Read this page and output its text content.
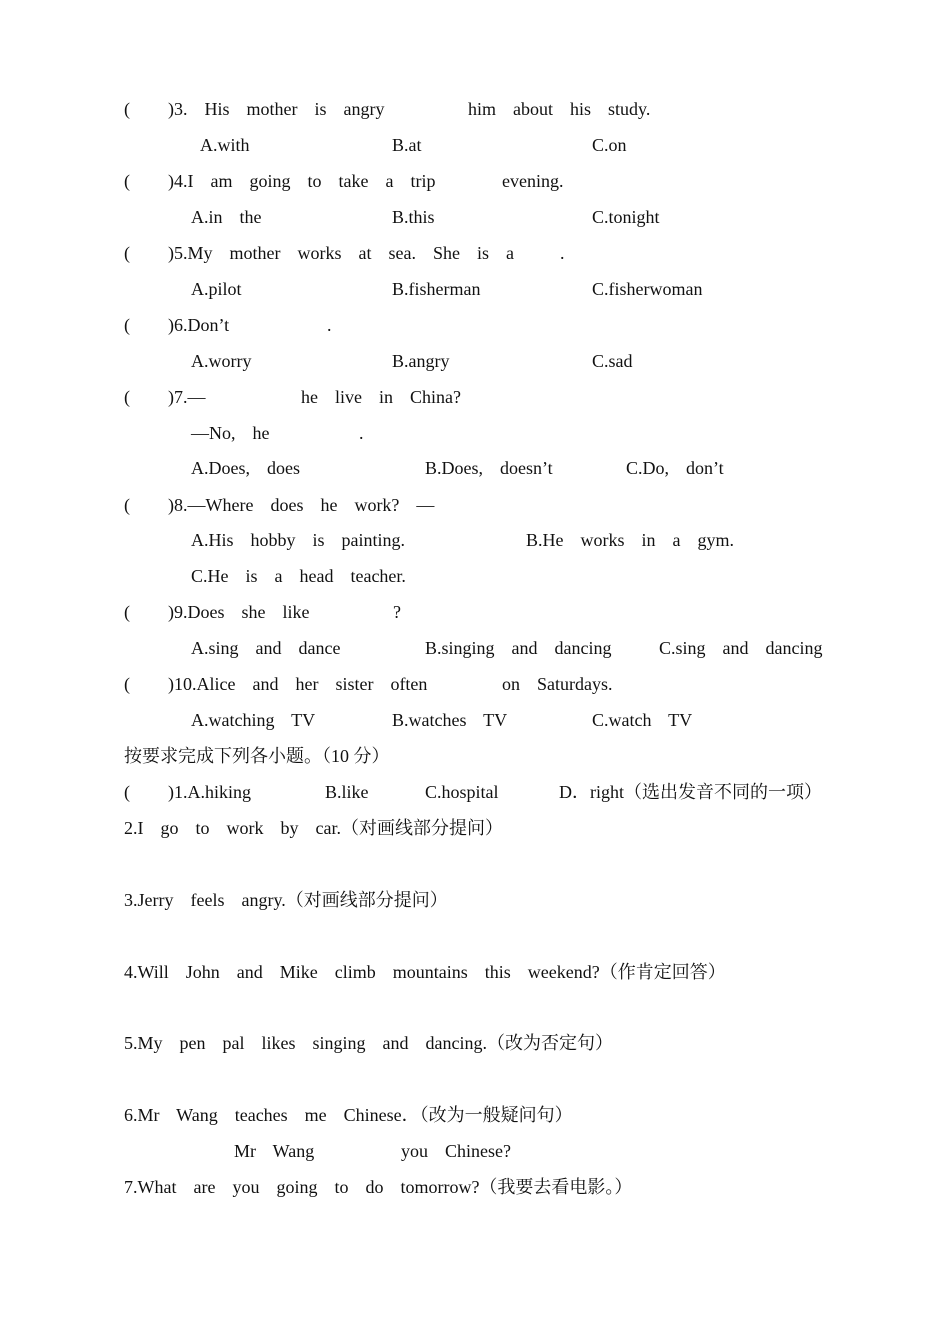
( )3.  His  mother  is  angry	him  about  his  study.
A.with	B.at	C.on
( )4.I  am  going  to  take  a  trip	evening.
A.in  the	B.this	C.tonight
( )5.My  mother  works  at  sea.  She  is  a	.
A.pilot	B.fisherman	C.fisherwoman
( )6.Don’t	.
A.worry	B.angry	C.sad
( )7.—	he  live  in  China?
—No,  he	.
A.Does,  does	B.Does,  doesn’t	C.Do,  don’t
( )8.—Where  does  he  work?  —
A.His  hobby  is  painting.	B.He  works  in  a  gym.
C.He  is  a  head  teacher.
( )9.Does  she  like	?
A.sing  and  dance	B.singing  and  dancing	C.sing  and  dancing
( )10.Alice  and  her  sister  often	on  Saturdays.
A.watching  TV	B.watches  TV	C.watch  TV
按要求完成下列各小题。（10 分）
( )1.A.hiking	B.like	C.hospital	D．right（选出发音不同的一项）
2.I  go  to  work  by  car.（对画线部分提问）
3.Jerry  feels  angry.（对画线部分提问）
4.Will  John  and  Mike  climb  mountains  this  weekend?（作肯定回答）
5.My  pen  pal  likes  singing  and  dancing.（改为否定句）
6.Mr  Wang  teaches  me  Chinese．（改为一般疑问句）
Mr  Wang	you  Chinese?
7.What  are  you  going  to  do  tomorrow?（我要去看电影。）
